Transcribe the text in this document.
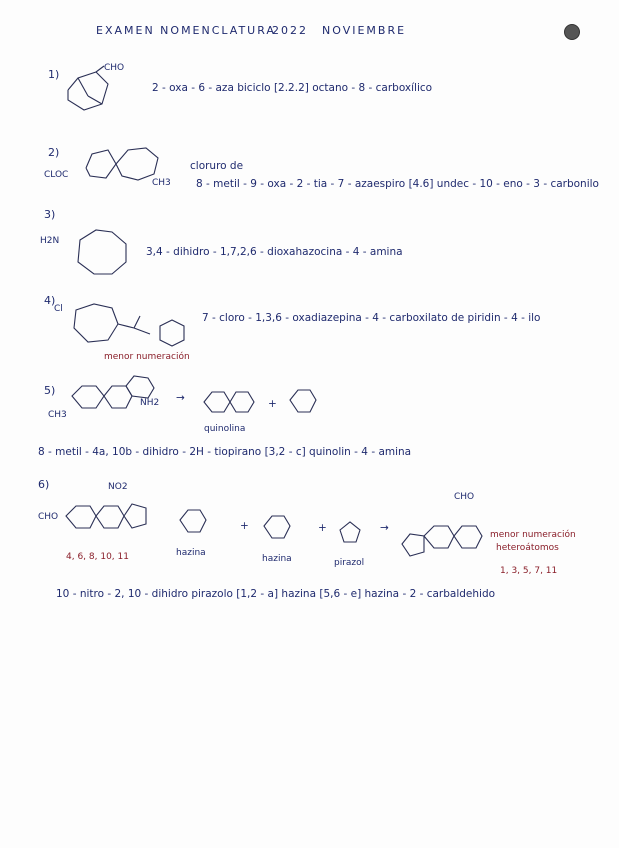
EXAMEN NOMENCLATURA
2022 NOVIEMBRE
1)	CHO
2 - oxa - 6 - aza biciclo [2.2.2] octano - 8 - carboxílico
2)
CLOC
CH3
cloruro de
8 - metil - 9 - oxa - 2 - tia - 7 - azaespiro [4.6] undec - 10 - eno - 3 - carbonilo
3)
H2N
3,4 - dihidro - 1,7,2,6 - dioxahazocina - 4 - amina
4)
Cl
menor numeración
7 - cloro - 1,3,6 - oxadiazepina - 4 - carboxilato de piridin - 4 - ilo
5)
NH2
CH3
→
quinolina
+
8 - metil - 4a, 10b - dihidro - 2H - tiopirano [3,2 - c] quinolin - 4 - amina
6)
CHO
NO2
4, 6, 8, 10, 11	hazina
+
hazina
+
pirazol
→
CHO
menor numeración
heteroátomos
1, 3, 5, 7, 11
10 - nitro - 2, 10 - dihidro pirazolo [1,2 - a] hazina [5,6 - e] hazina - 2 - carbaldehido
